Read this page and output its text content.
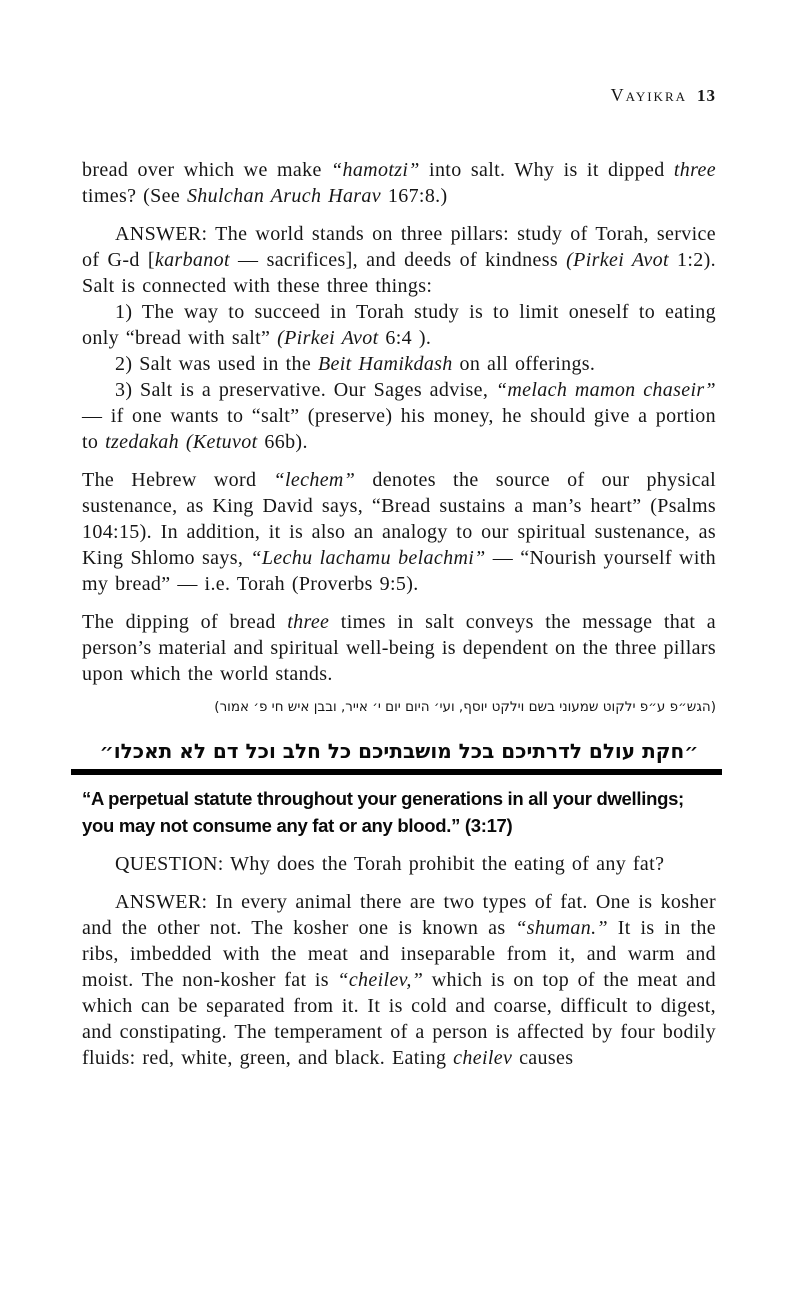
Vayikra 13

bread over which we make “hamotzi” into salt. Why is it dipped three times? (See Shulchan Aruch Harav 167:8.)

ANSWER: The world stands on three pillars: study of Torah, service of G-d [karbanot — sacrifices], and deeds of kindness (Pirkei Avot 1:2). Salt is connected with these three things:

1) The way to succeed in Torah study is to limit oneself to eating only “bread with salt” (Pirkei Avot 6:4 ).

2) Salt was used in the Beit Hamikdash on all offerings.

3) Salt is a preservative. Our Sages advise, “melach mamon chaseir” — if one wants to “salt” (preserve) his money, he should give a portion to tzedakah (Ketuvot 66b).

The Hebrew word “lechem” denotes the source of our physical sustenance, as King David says, “Bread sustains a man’s heart” (Psalms 104:15). In addition, it is also an analogy to our spiritual sustenance, as King Shlomo says, “Lechu lachamu belachmi” — “Nourish yourself with my bread” — i.e. Torah (Proverbs 9:5).

The dipping of bread three times in salt conveys the message that a person’s material and spiritual well-being is dependent on the three pillars upon which the world stands.

(הגש״פ ע״פ ילקוט שמעוני בשם וילקט יוסף, ועי׳ היום יום י׳ אייר, ובבן איש חי פ׳ אמור)

״חקת עולם לדרתיכם בכל מושבתיכם כל חלב וכל דם לא תאכלו״

“A perpetual statute throughout your generations in all your dwellings; you may not consume any fat or any blood.” (3:17)

QUESTION: Why does the Torah prohibit the eating of any fat?

ANSWER: In every animal there are two types of fat. One is kosher and the other not. The kosher one is known as “shuman.” It is in the ribs, imbedded with the meat and inseparable from it, and warm and moist. The non-kosher fat is “cheilev,” which is on top of the meat and which can be separated from it. It is cold and coarse, difficult to digest, and constipating. The temperament of a person is affected by four bodily fluids: red, white, green, and black. Eating cheilev causes
